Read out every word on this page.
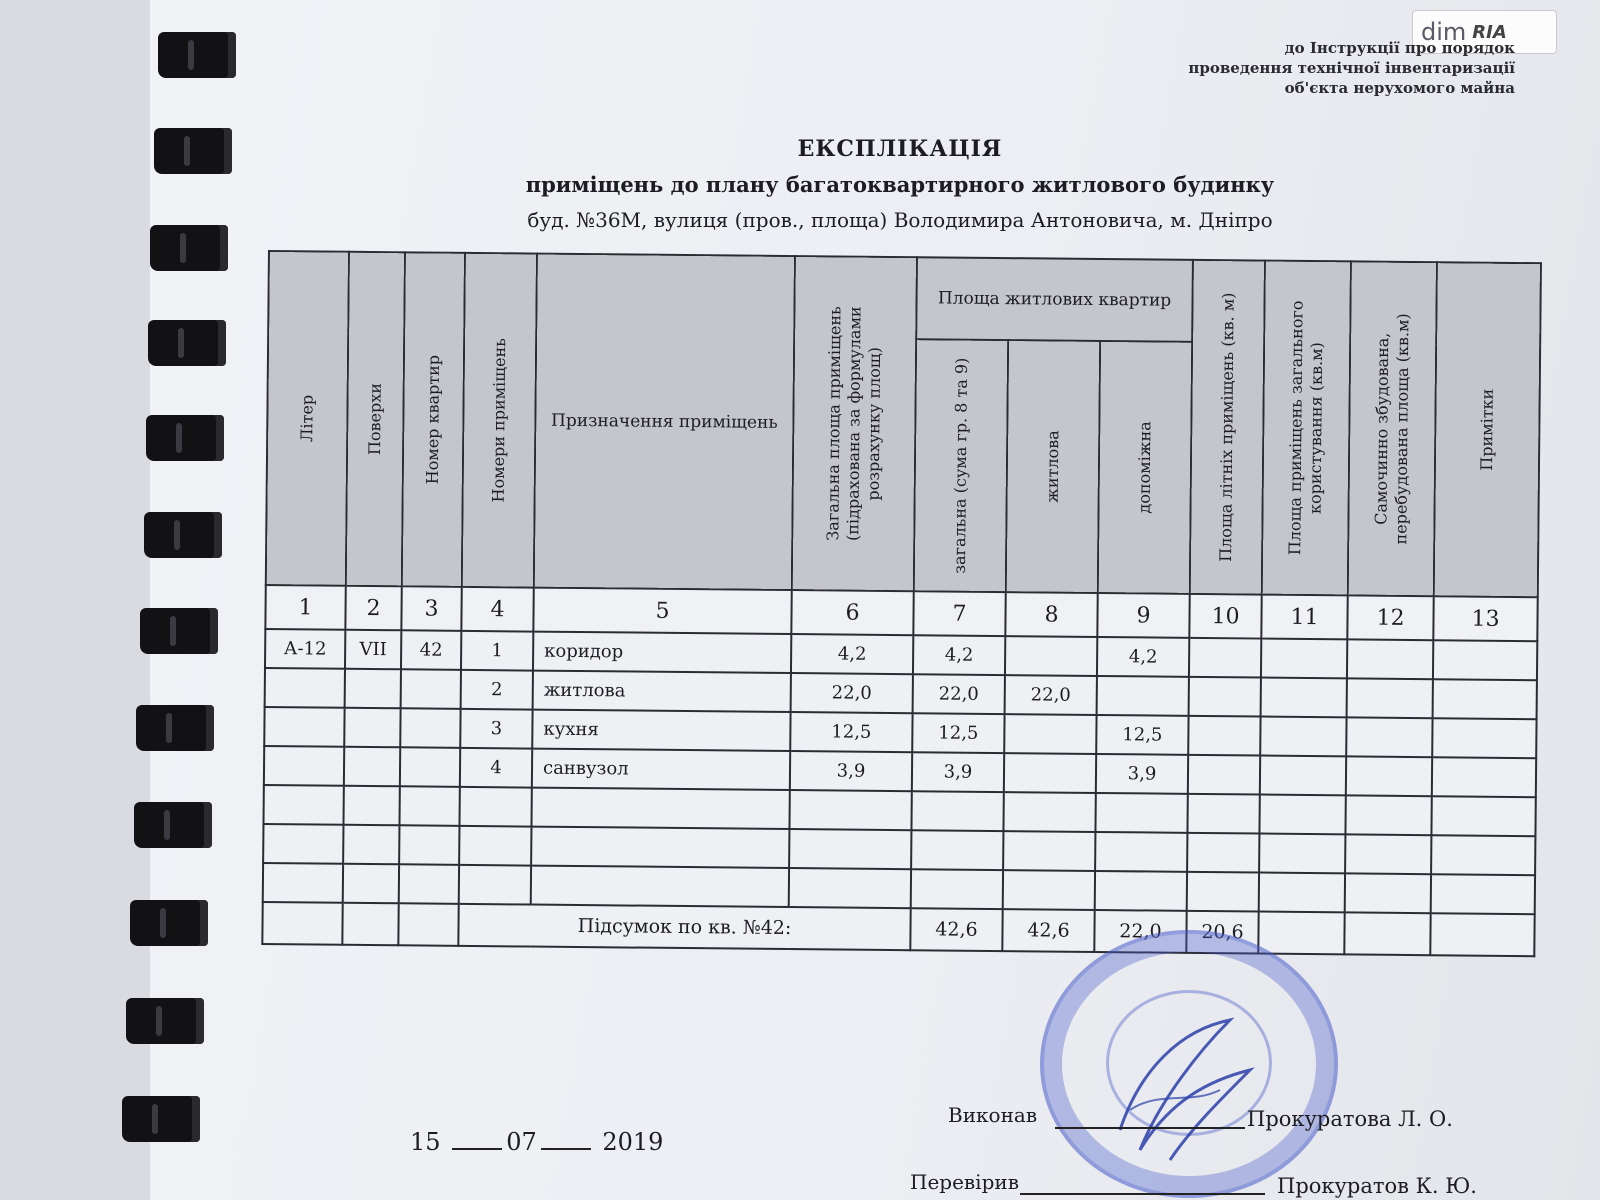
dim RIA
до Інструкції про порядок
проведення технічної інвентаризації
об'єкта нерухомого майна
ЕКСПЛІКАЦІЯ
приміщень до плану багатоквартирного житлового будинку
буд. №36М, вулиця (пров., площа) Володимира Антоновича, м. Дніпро
Літер	Поверхи	Номер квартир	Номери приміщень	Призначення приміщень	Загальна площа приміщень (підрахована за формулами розрахунку площ)	Площа житлових квартир			Площа літніх приміщень (кв. м)	Площа приміщень загального користування (кв.м)	Самочинно збудована, перебудована площа (кв.м)	Примітки

						загальна (сума гр. 8 та 9)	житлова	допоміжна				

1	2	3	4	5	6	7	8	9	10	11	12	13
А-12	VII	42	1	коридор	4,2	4,2		4,2				
			2	житлова	22,0	22,0	22,0					
			3	кухня	12,5	12,5		12,5				
			4	санвузол	3,9	3,9		3,9				

			Підсумок по кв. №42:			42,6	42,6	22,0	20,6			
15	07	2019
Виконав	Прокуратова Л. О.
Перевірив	Прокуратов К. Ю.
